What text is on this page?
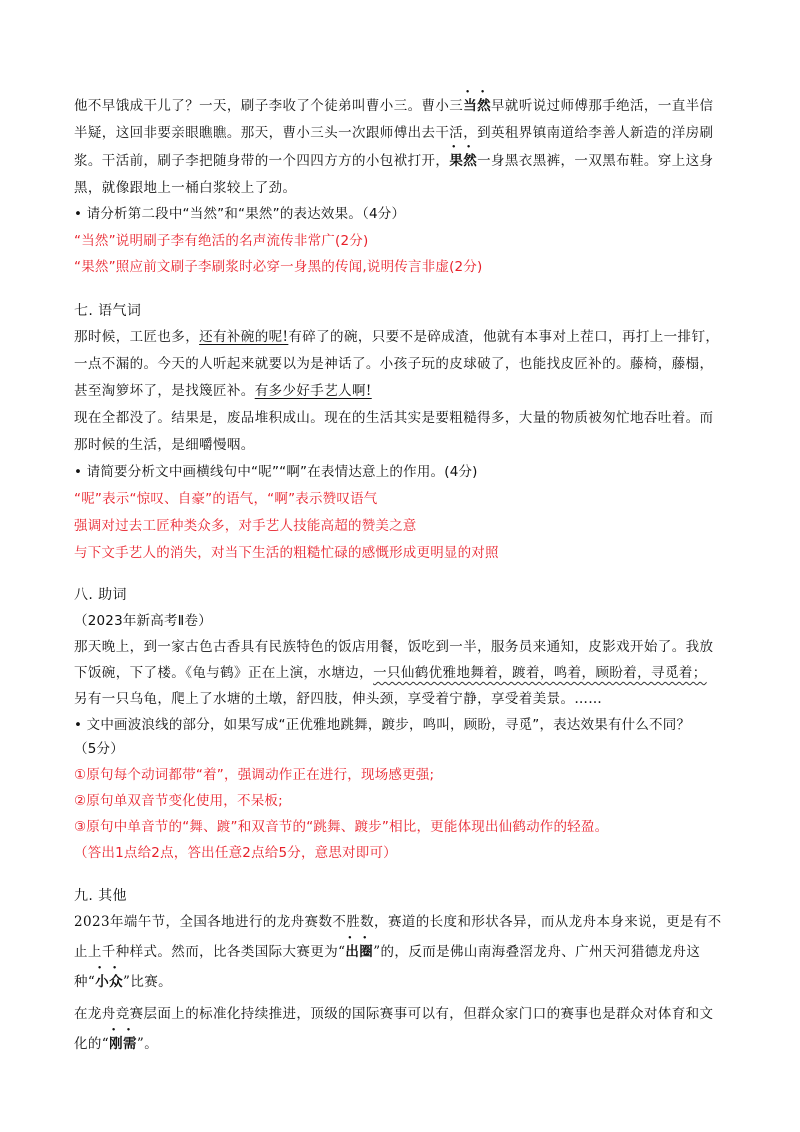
他不早饿成干儿了？一天，刷子李收了个徒弟叫曹小三。曹小三• • 当然早就听说过师傅那手绝活，一直半信

半疑，这回非要亲眼瞧瞧。那天，曹小三头一次跟师傅出去干活，到英租界镇南道给李善人新造的洋房刷

浆。干活前，刷子李把随身带的一个四四方方的小包袱打开，• • 果然一身黑衣黑裤，一双黑布鞋。穿上这身

黑，就像跟地上一桶白浆较上了劲。

• 请分析第二段中“当然”和“果然”的表达效果。（4分）

“当然”说明刷子李有绝活的名声流传非常广(2分)

“果然”照应前文刷子李刷浆时必穿一身黑的传闻,说明传言非虚(2分)

七. 语气词

那时候，工匠也多，还有补碗的呢!有碎了的碗，只要不是碎成渣，他就有本事对上茬口，再打上一排钉，

一点不漏的。今天的人听起来就要以为是神话了。小孩子玩的皮球破了，也能找皮匠补的。藤椅，藤榻，

甚至淘箩坏了，是找篾匠补。有多少好手艺人啊!

现在全都没了。结果是，废品堆积成山。现在的生活其实是要粗糙得多，大量的物质被匆忙地吞吐着。而

那时候的生活，是细嚼慢咽。

• 请简要分析文中画横线句中“呢”“啊”在表情达意上的作用。(4分)

“呢”表示“惊叹、自豪”的语气，“啊”表示赞叹语气

强调对过去工匠种类众多，对手艺人技能高超的赞美之意

与下文手艺人的消失，对当下生活的粗糙忙碌的感慨形成更明显的对照

八. 助词

（2023年新高考Ⅱ卷）

那天晚上，到一家古色古香具有民族特色的饭店用餐，饭吃到一半，服务员来通知，皮影戏开始了。我放

下饭碗，下了楼。《龟与鹤》正在上演，水塘边，一只仙鹤优雅地舞着，踱着，鸣着，顾盼着，寻觅着；

另有一只乌龟，爬上了水塘的土墩，舒四肢，伸头颈，享受着宁静，享受着美景。……

• 文中画波浪线的部分，如果写成“正优雅地跳舞，踱步，鸣叫，顾盼，寻觅”，表达效果有什么不同？

（5分）

①原句每个动词都带“着”，强调动作正在进行，现场感更强;

②原句单双音节变化使用，不呆板;

③原句中单音节的“舞、踱”和双音节的“跳舞、踱步”相比，更能体现出仙鹤动作的轻盈。

（答出1点给2点，答出任意2点给5分，意思对即可）

九. 其他

2023年端午节，全国各地进行的龙舟赛数不胜数，赛道的长度和形状各异，而从龙舟本身来说，更是有不

止上千种样式。然而，比各类国际大赛更为“• • 出圈”的，反而是佛山南海叠滘龙舟、广州天河猎德龙舟这

种“• • 小众”比赛。

在龙舟竞赛层面上的标准化持续推进，顶级的国际赛事可以有，但群众家门口的赛事也是群众对体育和文

化的“• • 刚需”。
